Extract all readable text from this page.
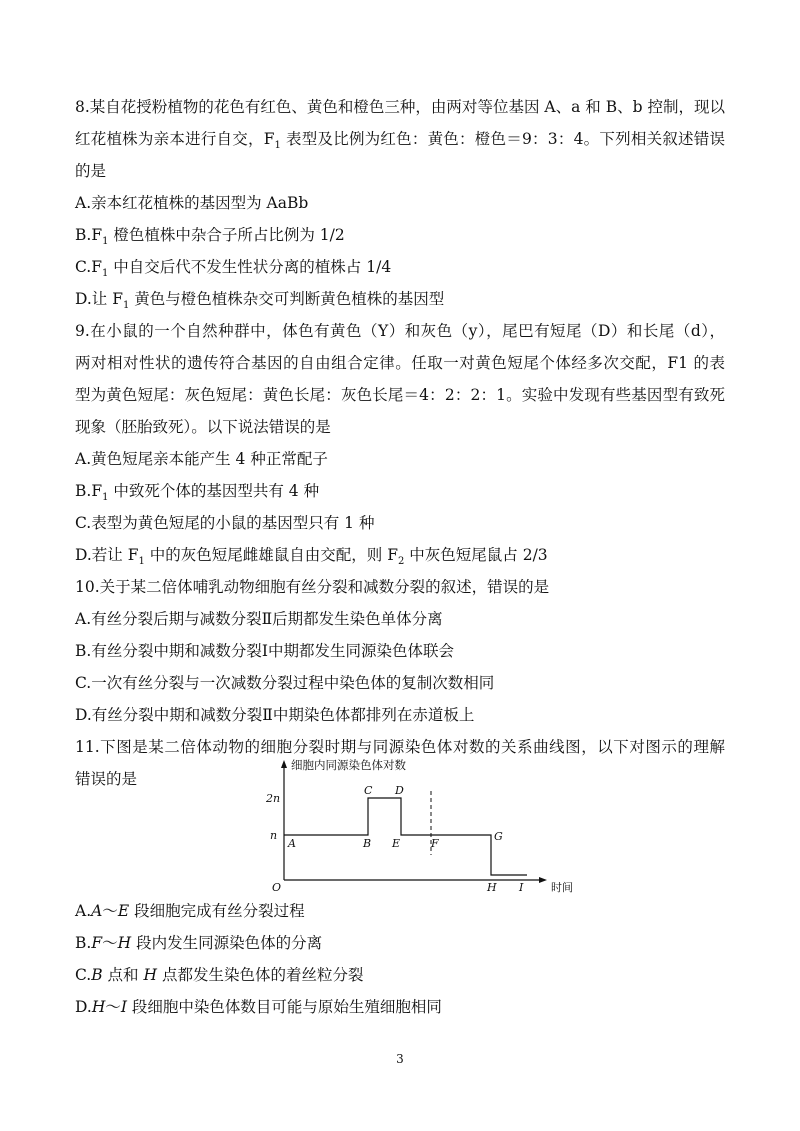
8.某自花授粉植物的花色有红色、黄色和橙色三种，由两对等位基因 A、a 和 B、b 控制，现以
红花植株为亲本进行自交，$F_1$ 表型及比例为红色：黄色：橙色＝9：3：4。下列相关叙述错误
的是
A.亲本红花植株的基因型为 AaBb
$B.F_1$ 橙色植株中杂合子所占比例为 1/2
$C.F_1$ 中自交后代不发生性状分离的植株占 1/4
D.让 $F_1$ 黄色与橙色植株杂交可判断黄色植株的基因型
9.在小鼠的一个自然种群中，体色有黄色（Y）和灰色（y），尾巴有短尾（D）和长尾（d），
两对相对性状的遗传符合基因的自由组合定律。任取一对黄色短尾个体经多次交配，F1 的表
型为黄色短尾：灰色短尾：黄色长尾：灰色长尾＝4：2：2：1。实验中发现有些基因型有致死
现象（胚胎致死）。以下说法错误的是
A.黄色短尾亲本能产生 4 种正常配子
$B.F_1$ 中致死个体的基因型共有 4 种
C.表型为黄色短尾的小鼠的基因型只有 1 种
D.若让 $F_1$ 中的灰色短尾雌雄鼠自由交配，则 $F_2$ 中灰色短尾鼠占 2/3
10.关于某二倍体哺乳动物细胞有丝分裂和减数分裂的叙述，错误的是
A.有丝分裂后期与减数分裂Ⅱ后期都发生染色单体分离
B.有丝分裂中期和减数分裂Ⅰ中期都发生同源染色体联会
C.一次有丝分裂与一次减数分裂过程中染色体的复制次数相同
D.有丝分裂中期和减数分裂Ⅱ中期染色体都排列在赤道板上
11.下图是某二倍体动物的细胞分裂时期与同源染色体对数的关系曲线图，以下对图示的理解
错误的是
细胞内同源染色体对数
2n
n
O	时间
A	B
C D
E	F
G
H I
A.A～E 段细胞完成有丝分裂过程
B.F～H 段内发生同源染色体的分离
C.B 点和 H 点都发生染色体的着丝粒分裂
D.H～I 段细胞中染色体数目可能与原始生殖细胞相同
3
